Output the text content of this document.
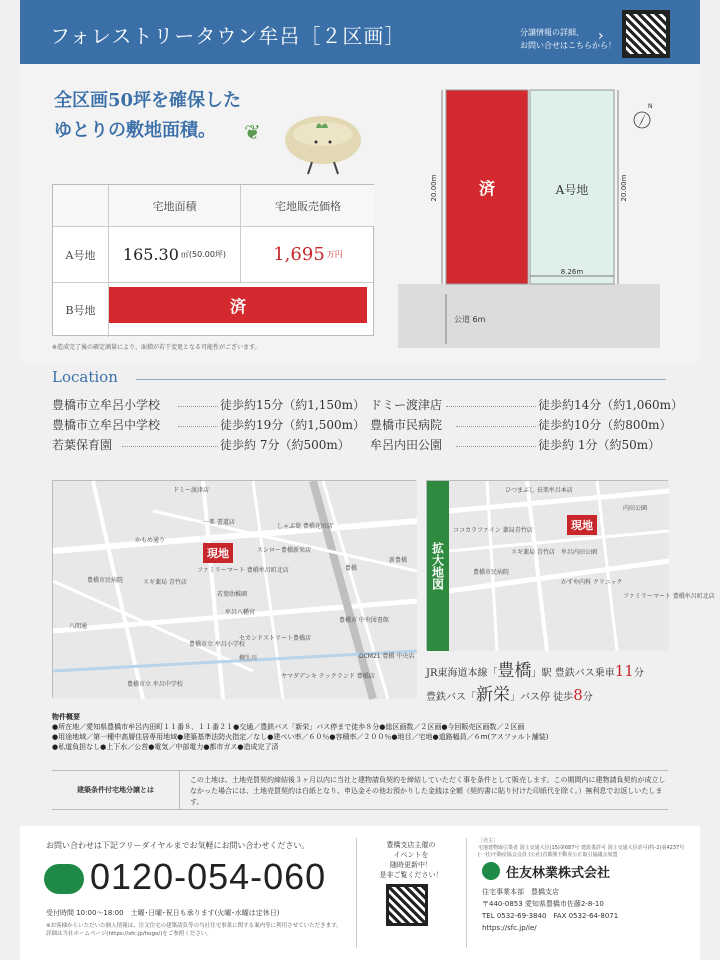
フォレストリータウン牟呂［２区画］	分譲情報の詳細、
お問い合せはこちらから！
›
全区画50坪を確保した
ゆとりの敷地面積。	❦
宅地面積	宅地販売価格
A号地	165.30 ㎡(50.00坪)	1,695 万円
B号地	済
※造成完了後の確定測量により、面積が若干変更となる可能性がございます。
済	A号地
20.00m	20.00m
8.26m
公道 6m
N
Location
豊橋市立牟呂小学校	徒歩約15分（約1,150m）
豊橋市立牟呂中学校	徒歩約19分（約1,500m）
若葉保育園	徒歩約 7分（約500m）
ドミー渡津店	徒歩約14分（約1,060m）
豊橋市民病院	徒歩約10分（約800m）
牟呂内田公園	徒歩約 1分（約50m）
現地
ドミー渡津店
一峯 書道店
しゃぶ葉 豊橋花田店
スシロー豊橋新栄店
ファミリーマート 豊橋牟呂町北店
若葉幼稚園
牟呂八幡宮
豊橋市民病院	スギ薬局 青竹店
セカンドストリート豊橋店
豊橋市立 牟呂小学校
豊橋市立 牟呂中学校
豊橋市 中央図書館
DCM21 豊橋 中央店
ヤマダデンキ テックランド 豊橋店
豊橋
新豊橋
かもめ通り
八間通
柳生川
拡大地図
現地
ひつまぶし 長楽牟呂本店
ココカラファイン 薬局青竹店
スギ薬局 青竹店
豊橋市民病院
牟呂内田公園
かすや内科 クリニック
ファミリーマート 豊橋牟呂町北店
内田公園
JR東海道本線「豊橋」駅 豊鉄バス乗車11分
豊鉄バス「新栄」バス停 徒歩8分
物件概要
●所在地／愛知県豊橋市牟呂内田町１１番８、１１番２１●交通／豊鉄バス「新栄」バス停まで徒歩８分●総区画数／２区画●今回販売区画数／２区画
●用途地域／第一種中高層住居専用地域●建築基準法防火指定／なし●建ぺい率／６０％●容積率／２００％●地目／宅地●道路幅員／６m(アスファルト舗装)
●私道負担なし●上下水／公営●電気／中部電力●都市ガス●造成完了済
建築条件付宅地分譲とは
この土地は、土地売買契約締結後３ヶ月以内に当社と建物請負契約を締結していただく事を条件として販売します。この期間内に建物請負契約が成立しなかった場合には、土地売買契約は白紙となり、申込金その他お預かりした金銭は全額（契約書に貼り付けた印紙代を除く。）無利息でお返しいたします。
お問い合わせは下記フリーダイヤルまでお気軽にお問い合わせください。
0120-054-060
受付時間 10:00～18:00　土曜･日曜･祝日も承ります(火曜･水曜は定休日)
※お客様からいただいた個人情報は、注文住宅の建築請負等の当社住宅事業に関する案内等に利用させていただきます。
詳細は当社ホームページ(https://sfc.jp/hogo/)をご参照ください。
豊橋支店主催の
イベントを
随時更新中！
是非ご覧ください！
［売主］
宅地建物取引業者 国土交通大臣(15)第687号 建設業許可 国土交通大臣許可(特-2)第4237号
(一社)不動産協会会員 (公社)首都圏不動産公正取引協議会加盟
住友林業株式会社
住宅事業本部　豊橋支店
〒440-0853 愛知県豊橋市佐藤2-8-10
TEL 0532-69-3840　FAX 0532-64-8071
https://sfc.jp/ie/
